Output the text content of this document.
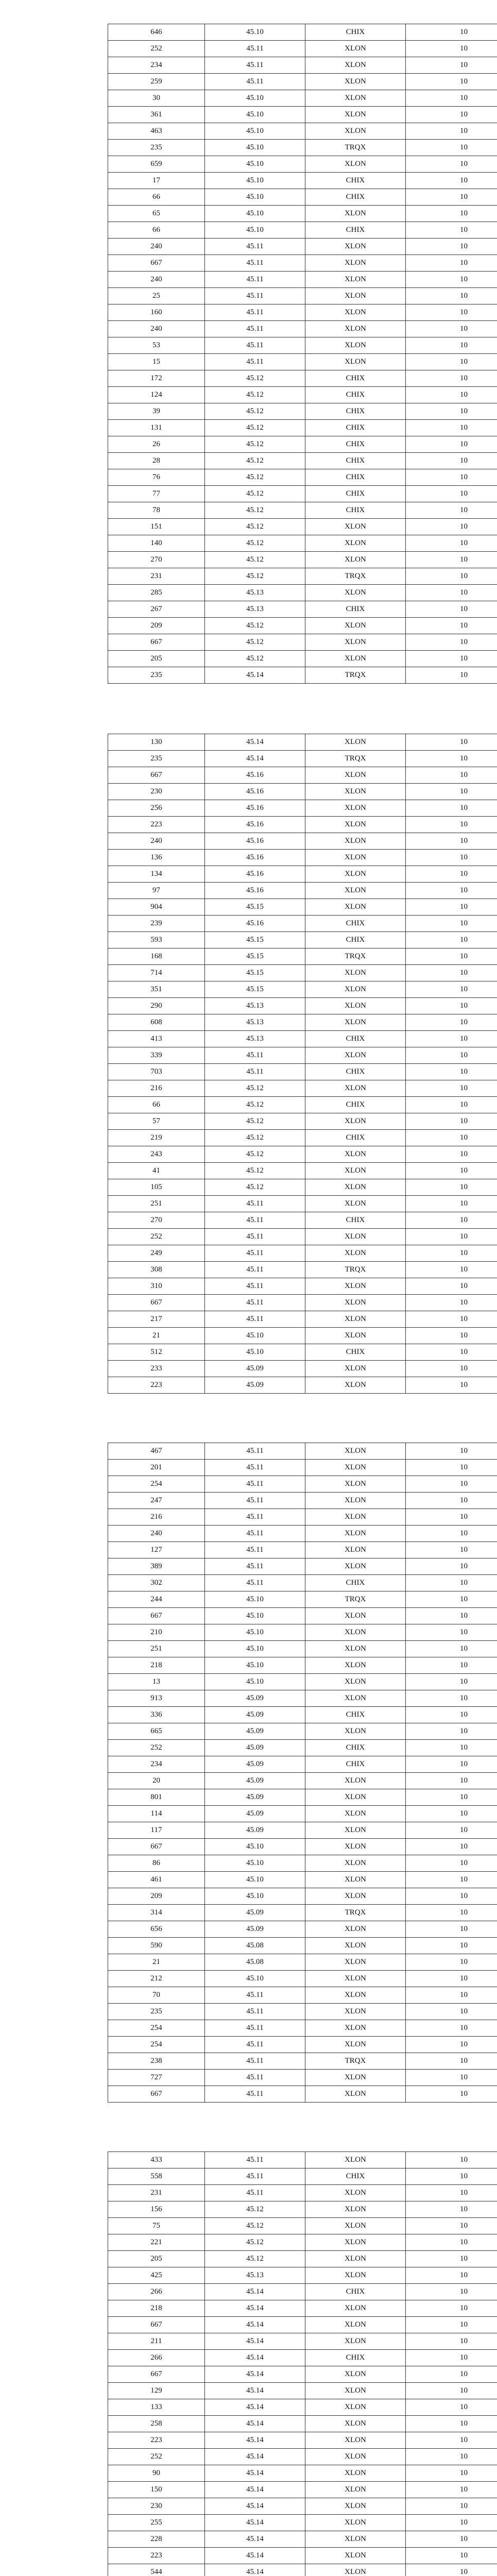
646	45.10	CHIX	10
252	45.11	XLON	10
234	45.11	XLON	10
259	45.11	XLON	10
30	45.10	XLON	10
361	45.10	XLON	10
463	45.10	XLON	10
235	45.10	TRQX	10
659	45.10	XLON	10
17	45.10	CHIX	10
66	45.10	CHIX	10
65	45.10	XLON	10
66	45.10	CHIX	10
240	45.11	XLON	10
667	45.11	XLON	10
240	45.11	XLON	10
25	45.11	XLON	10
160	45.11	XLON	10
240	45.11	XLON	10
53	45.11	XLON	10
15	45.11	XLON	10
172	45.12	CHIX	10
124	45.12	CHIX	10
39	45.12	CHIX	10
131	45.12	CHIX	10
26	45.12	CHIX	10
28	45.12	CHIX	10
76	45.12	CHIX	10
77	45.12	CHIX	10
78	45.12	CHIX	10
151	45.12	XLON	10
140	45.12	XLON	10
270	45.12	XLON	10
231	45.12	TRQX	10
285	45.13	XLON	10
267	45.13	CHIX	10
209	45.12	XLON	10
667	45.12	XLON	10
205	45.12	XLON	10
235	45.14	TRQX	10
130	45.14	XLON	10
235	45.14	TRQX	10
667	45.16	XLON	10
230	45.16	XLON	10
256	45.16	XLON	10
223	45.16	XLON	10
240	45.16	XLON	10
136	45.16	XLON	10
134	45.16	XLON	10
97	45.16	XLON	10
904	45.15	XLON	10
239	45.16	CHIX	10
593	45.15	CHIX	10
168	45.15	TRQX	10
714	45.15	XLON	10
351	45.15	XLON	10
290	45.13	XLON	10
608	45.13	XLON	10
413	45.13	CHIX	10
339	45.11	XLON	10
703	45.11	CHIX	10
216	45.12	XLON	10
66	45.12	CHIX	10
57	45.12	XLON	10
219	45.12	CHIX	10
243	45.12	XLON	10
41	45.12	XLON	10
105	45.12	XLON	10
251	45.11	XLON	10
270	45.11	CHIX	10
252	45.11	XLON	10
249	45.11	XLON	10
308	45.11	TRQX	10
310	45.11	XLON	10
667	45.11	XLON	10
217	45.11	XLON	10
21	45.10	XLON	10
512	45.10	CHIX	10
233	45.09	XLON	10
223	45.09	XLON	10
467	45.11	XLON	10
201	45.11	XLON	10
254	45.11	XLON	10
247	45.11	XLON	10
216	45.11	XLON	10
240	45.11	XLON	10
127	45.11	XLON	10
389	45.11	XLON	10
302	45.11	CHIX	10
244	45.10	TRQX	10
667	45.10	XLON	10
210	45.10	XLON	10
251	45.10	XLON	10
218	45.10	XLON	10
13	45.10	XLON	10
913	45.09	XLON	10
336	45.09	CHIX	10
665	45.09	XLON	10
252	45.09	CHIX	10
234	45.09	CHIX	10
20	45.09	XLON	10
801	45.09	XLON	10
114	45.09	XLON	10
117	45.09	XLON	10
667	45.10	XLON	10
86	45.10	XLON	10
461	45.10	XLON	10
209	45.10	XLON	10
314	45.09	TRQX	10
656	45.09	XLON	10
590	45.08	XLON	10
21	45.08	XLON	10
212	45.10	XLON	10
70	45.11	XLON	10
235	45.11	XLON	10
254	45.11	XLON	10
254	45.11	XLON	10
238	45.11	TRQX	10
727	45.11	XLON	10
667	45.11	XLON	10
433	45.11	XLON	10
558	45.11	CHIX	10
231	45.11	XLON	10
156	45.12	XLON	10
75	45.12	XLON	10
221	45.12	XLON	10
205	45.12	XLON	10
425	45.13	XLON	10
266	45.14	CHIX	10
218	45.14	XLON	10
667	45.14	XLON	10
211	45.14	XLON	10
266	45.14	CHIX	10
667	45.14	XLON	10
129	45.14	XLON	10
133	45.14	XLON	10
258	45.14	XLON	10
223	45.14	XLON	10
252	45.14	XLON	10
90	45.14	XLON	10
150	45.14	XLON	10
230	45.14	XLON	10
255	45.14	XLON	10
228	45.14	XLON	10
223	45.14	XLON	10
544	45.14	XLON	10
